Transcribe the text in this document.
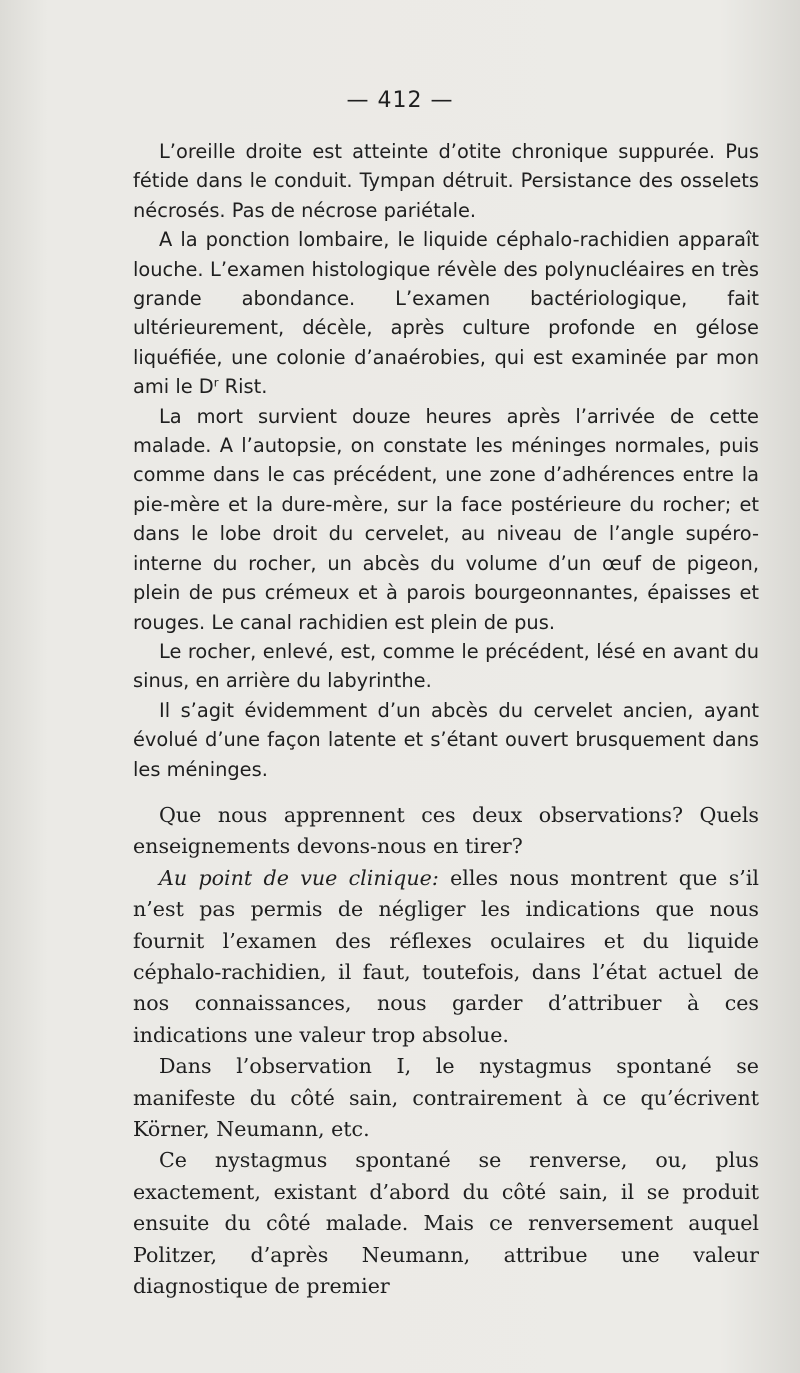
— 412 —

L’oreille droite est atteinte d’otite chronique suppurée. Pus fétide dans le conduit. Tympan détruit. Persistance des osselets nécrosés. Pas de nécrose pariétale.

A la ponction lombaire, le liquide céphalo-rachidien apparaît louche. L’examen histologique révèle des polynucléaires en très grande abondance. L’examen bactériologique, fait ultérieurement, décèle, après culture profonde en gélose liquéfiée, une colonie d’anaérobies, qui est examinée par mon ami le $D^r$ Rist.

La mort survient douze heures après l’arrivée de cette malade. A l’autopsie, on constate les méninges normales, puis comme dans le cas précédent, une zone d’adhérences entre la pie-mère et la dure-mère, sur la face postérieure du rocher; et dans le lobe droit du cervelet, au niveau de l’angle supéro-interne du rocher, un abcès du volume d’un œuf de pigeon, plein de pus crémeux et à parois bourgeonnantes, épaisses et rouges. Le canal rachidien est plein de pus.

Le rocher, enlevé, est, comme le précédent, lésé en avant du sinus, en arrière du labyrinthe.

Il s’agit évidemment d’un abcès du cervelet ancien, ayant évolué d’une façon latente et s’étant ouvert brusquement dans les méninges.

Que nous apprennent ces deux observations? Quels enseignements devons-nous en tirer?

Au point de vue clinique: elles nous montrent que s’il n’est pas permis de négliger les indications que nous fournit l’examen des réflexes oculaires et du liquide céphalo-rachidien, il faut, toutefois, dans l’état actuel de nos connaissances, nous garder d’attribuer à ces indications une valeur trop absolue.

Dans l’observation I, le nystagmus spontané se manifeste du côté sain, contrairement à ce qu’écrivent Körner, Neumann, etc.

Ce nystagmus spontané se renverse, ou, plus exactement, existant d’abord du côté sain, il se produit ensuite du côté malade. Mais ce renversement auquel Politzer, d’après Neumann, attribue une valeur diagnostique de premier
